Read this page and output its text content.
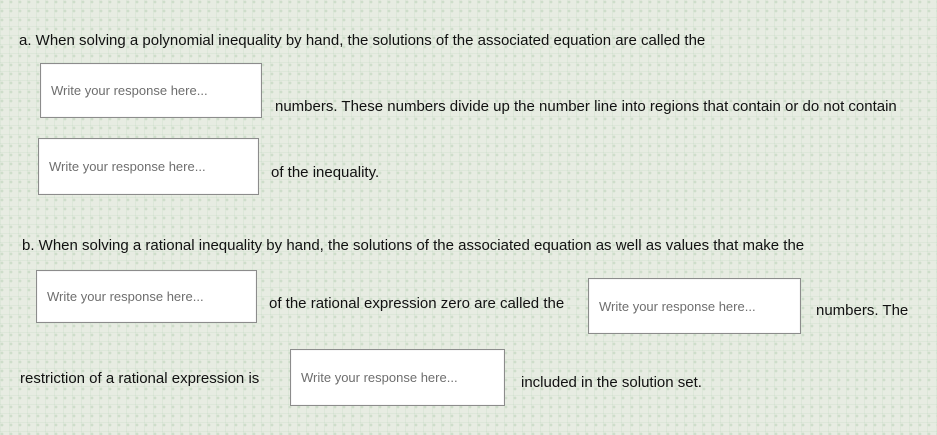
a. When solving a polynomial inequality by hand, the solutions of the associated equation are called the
Write your response here...
numbers. These numbers divide up the number line into regions that contain or do not contain
Write your response here...
of the inequality.
b. When solving a rational inequality by hand, the solutions of the associated equation as well as values that make the
Write your response here...
of the rational expression zero are called the
Write your response here...	numbers. The
restriction of a rational expression is
Write your response here...	included in the solution set.
